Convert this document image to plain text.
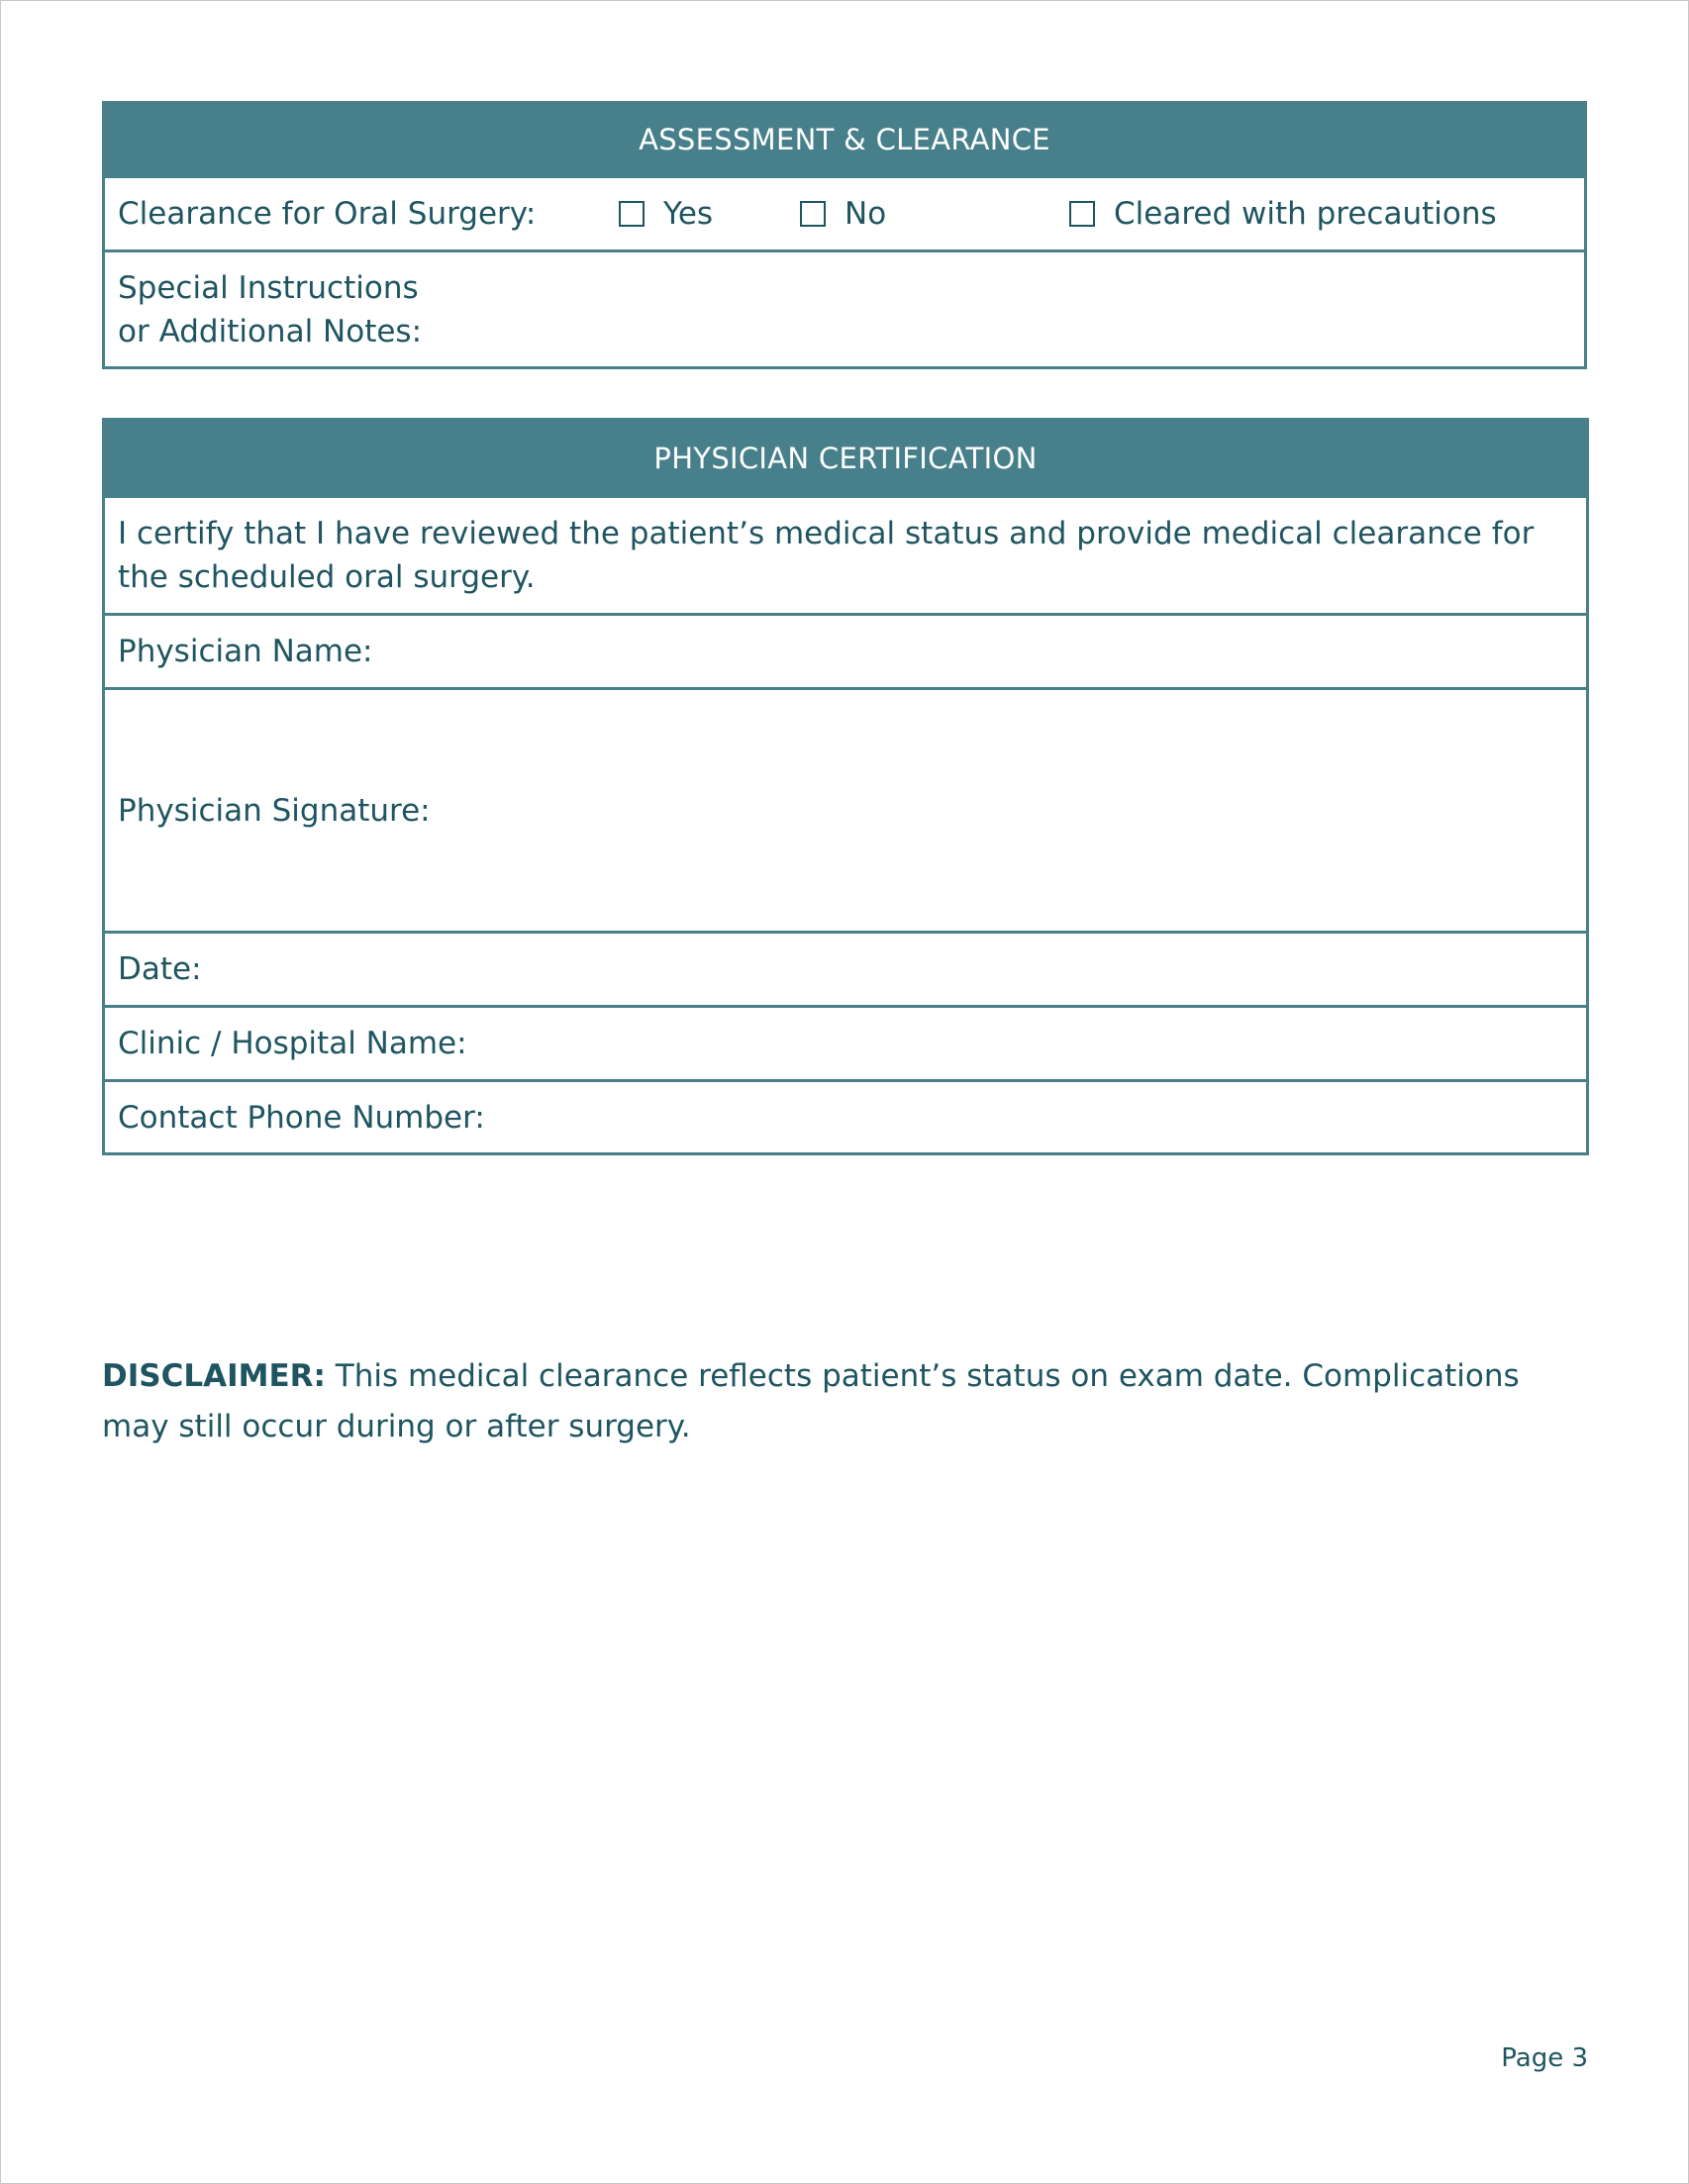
ASSESSMENT & CLEARANCE
Clearance for Oral Surgery:	Yes	No	Cleared with precautions
Special Instructions
or Additional Notes:
PHYSICIAN CERTIFICATION
I certify that I have reviewed the patient’s medical status and provide medical clearance for the scheduled oral surgery.
Physician Name:
Physician Signature:
Date:
Clinic / Hospital Name:
Contact Phone Number:
DISCLAIMER: This medical clearance reflects patient’s status on exam date. Complications may still occur during or after surgery.
Page 3
